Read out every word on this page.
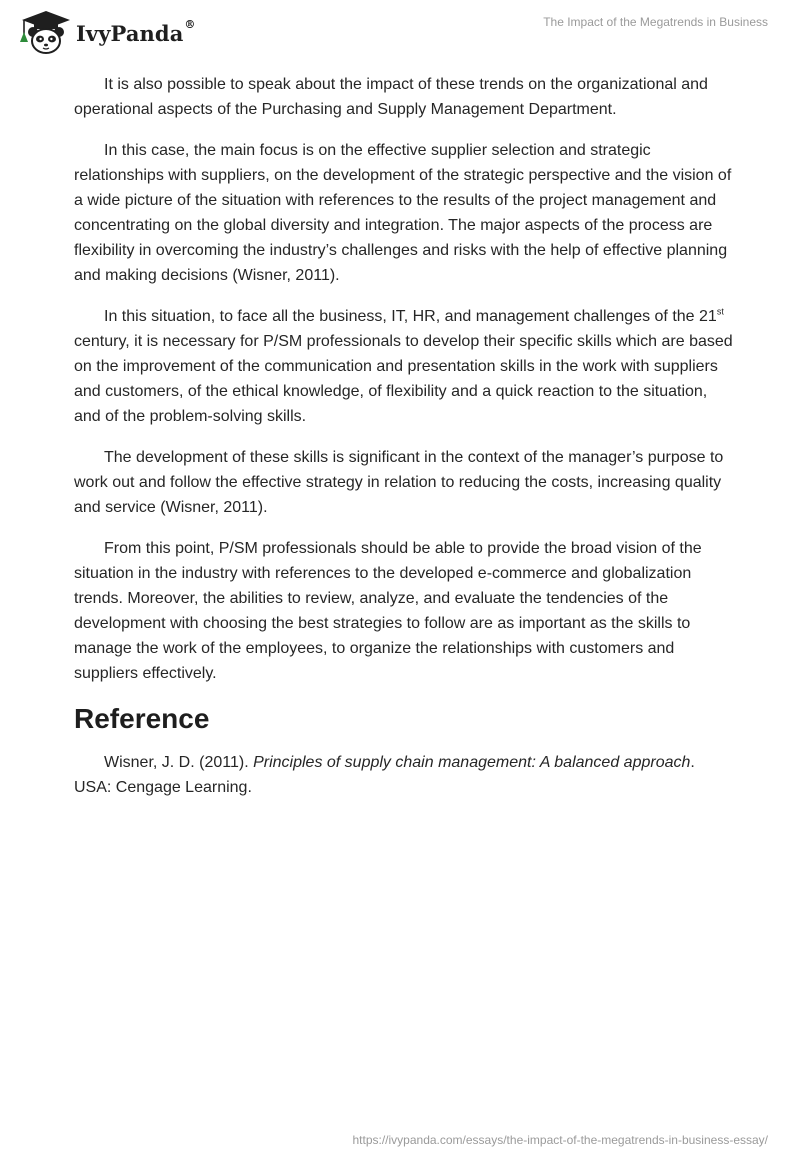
IvyPanda®	The Impact of the Megatrends in Business

It is also possible to speak about the impact of these trends on the organizational and operational aspects of the Purchasing and Supply Management Department.

In this case, the main focus is on the effective supplier selection and strategic relationships with suppliers, on the development of the strategic perspective and the vision of a wide picture of the situation with references to the results of the project management and concentrating on the global diversity and integration. The major aspects of the process are flexibility in overcoming the industry’s challenges and risks with the help of effective planning and making decisions (Wisner, 2011).

In this situation, to face all the business, IT, HR, and management challenges of the 21st century, it is necessary for P/SM professionals to develop their specific skills which are based on the improvement of the communication and presentation skills in the work with suppliers and customers, of the ethical knowledge, of flexibility and a quick reaction to the situation, and of the problem-solving skills.

The development of these skills is significant in the context of the manager’s purpose to work out and follow the effective strategy in relation to reducing the costs, increasing quality and service (Wisner, 2011).

From this point, P/SM professionals should be able to provide the broad vision of the situation in the industry with references to the developed e-commerce and globalization trends. Moreover, the abilities to review, analyze, and evaluate the tendencies of the development with choosing the best strategies to follow are as important as the skills to manage the work of the employees, to organize the relationships with customers and suppliers effectively.

Reference

Wisner, J. D. (2011). Principles of supply chain management: A balanced approach. USA: Cengage Learning.

https://ivypanda.com/essays/the-impact-of-the-megatrends-in-business-essay/
